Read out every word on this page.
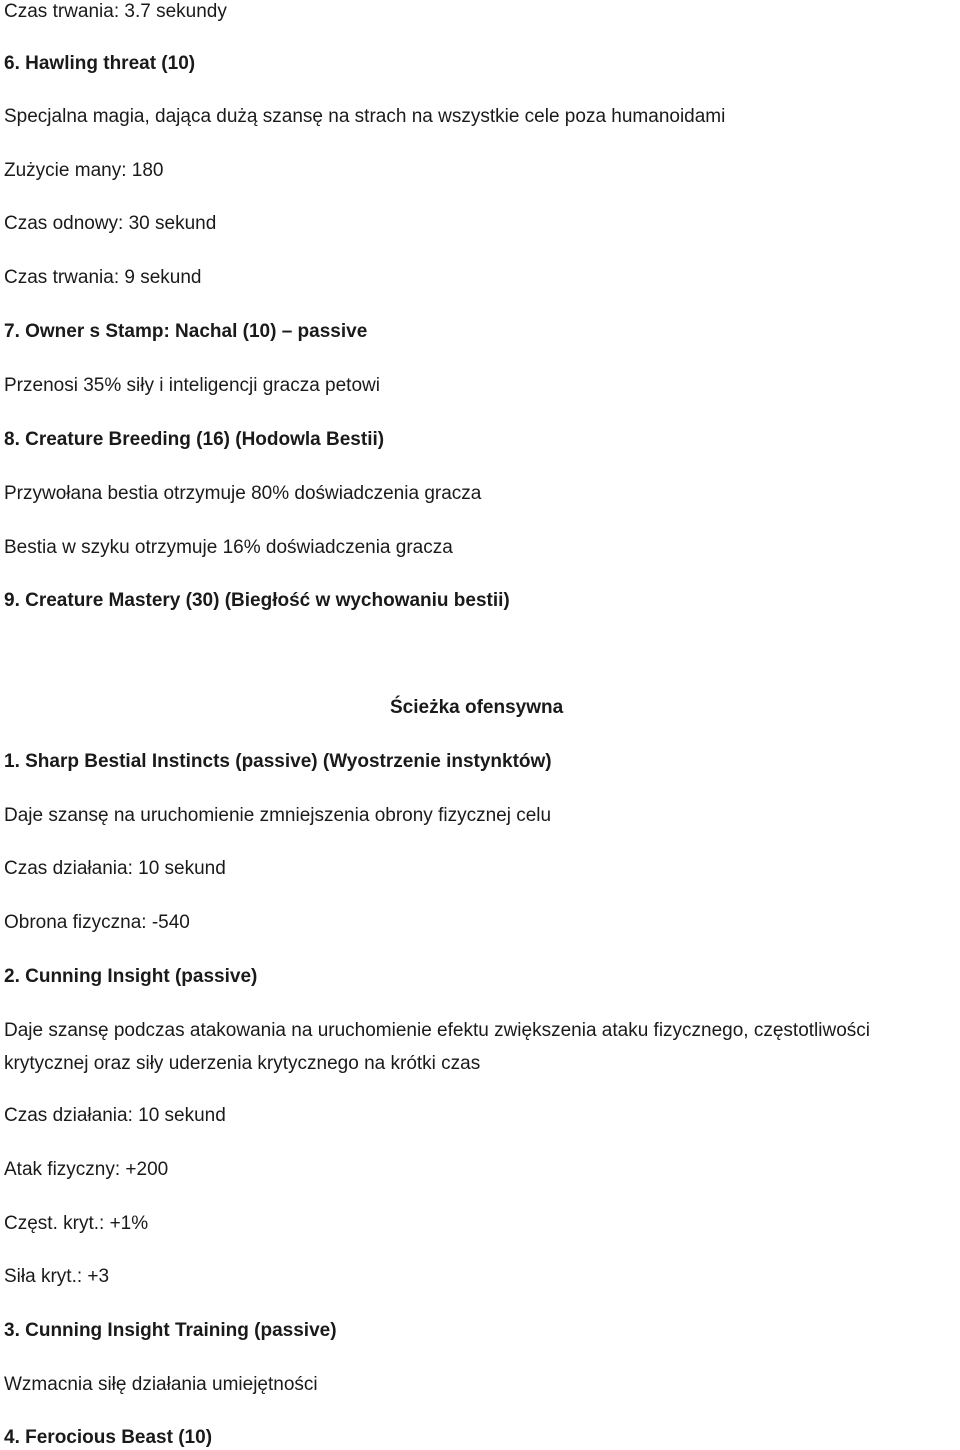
Czas trwania: 3.7 sekundy

6. Hawling threat (10)

Specjalna magia, dająca dużą szansę na strach na wszystkie cele poza humanoidami

Zużycie many: 180

Czas odnowy: 30 sekund

Czas trwania: 9 sekund

7. Owner s Stamp: Nachal (10) – passive

Przenosi 35% siły i inteligencji gracza petowi

8. Creature Breeding (16) (Hodowla Bestii)

Przywołana bestia otrzymuje 80% doświadczenia gracza

Bestia w szyku otrzymuje 16% doświadczenia gracza

9. Creature Mastery (30) (Biegłość w wychowaniu bestii)

Ścieżka ofensywna

1. Sharp Bestial Instincts (passive) (Wyostrzenie instynktów)

Daje szansę na uruchomienie zmniejszenia obrony fizycznej celu

Czas działania: 10 sekund

Obrona fizyczna: -540

2. Cunning Insight (passive)

Daje szansę podczas atakowania na uruchomienie efektu zwiększenia ataku fizycznego, częstotliwości krytycznej oraz siły uderzenia krytycznego na krótki czas

Czas działania: 10 sekund

Atak fizyczny: +200

Częst. kryt.: +1%

Siła kryt.: +3

3. Cunning Insight Training (passive)

Wzmacnia siłę działania umiejętności

4. Ferocious Beast (10)
